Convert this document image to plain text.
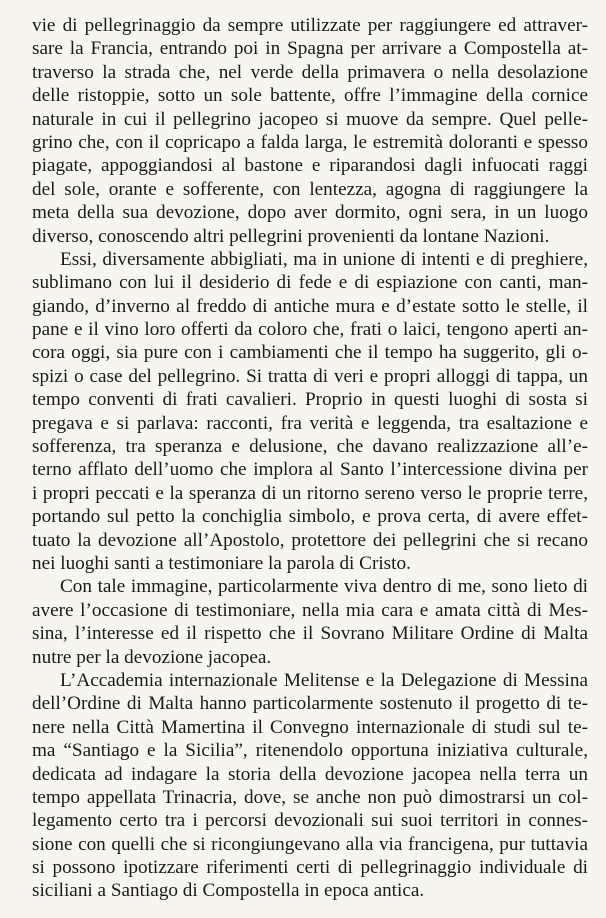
vie di pellegrinaggio da sempre utilizzate per raggiungere ed attraver-
sare la Francia, entrando poi in Spagna per arrivare a Compostella at-
traverso la strada che, nel verde della primavera o nella desolazione
delle ristoppie, sotto un sole battente, offre l’immagine della cornice
naturale in cui il pellegrino jacopeo si muove da sempre. Quel pelle-
grino che, con il copricapo a falda larga, le estremità doloranti e spesso
piagate, appoggiandosi al bastone e riparandosi dagli infuocati raggi
del sole, orante e sofferente, con lentezza, agogna di raggiungere la
meta della sua devozione, dopo aver dormito, ogni sera, in un luogo
diverso, conoscendo altri pellegrini provenienti da lontane Nazioni.
Essi, diversamente abbigliati, ma in unione di intenti e di preghiere,
sublimano con lui il desiderio di fede e di espiazione con canti, man-
giando, d’inverno al freddo di antiche mura e d’estate sotto le stelle, il
pane e il vino loro offerti da coloro che, frati o laici, tengono aperti an-
cora oggi, sia pure con i cambiamenti che il tempo ha suggerito, gli o-
spizi o case del pellegrino. Si tratta di veri e propri alloggi di tappa, un
tempo conventi di frati cavalieri. Proprio in questi luoghi di sosta si
pregava e si parlava: racconti, fra verità e leggenda, tra esaltazione e
sofferenza, tra speranza e delusione, che davano realizzazione all’e-
terno afflato dell’uomo che implora al Santo l’intercessione divina per
i propri peccati e la speranza di un ritorno sereno verso le proprie terre,
portando sul petto la conchiglia simbolo, e prova certa, di avere effet-
tuato la devozione all’Apostolo, protettore dei pellegrini che si recano
nei luoghi santi a testimoniare la parola di Cristo.
Con tale immagine, particolarmente viva dentro di me, sono lieto di
avere l’occasione di testimoniare, nella mia cara e amata città di Mes-
sina, l’interesse ed il rispetto che il Sovrano Militare Ordine di Malta
nutre per la devozione jacopea.
L’Accademia internazionale Melitense e la Delegazione di Messina
dell’Ordine di Malta hanno particolarmente sostenuto il progetto di te-
nere nella Città Mamertina il Convegno internazionale di studi sul te-
ma “Santiago e la Sicilia”, ritenendolo opportuna iniziativa culturale,
dedicata ad indagare la storia della devozione jacopea nella terra un
tempo appellata Trinacria, dove, se anche non può dimostrarsi un col-
legamento certo tra i percorsi devozionali sui suoi territori in connes-
sione con quelli che si ricongiungevano alla via francigena, pur tuttavia
si possono ipotizzare riferimenti certi di pellegrinaggio individuale di
siciliani a Santiago di Compostella in epoca antica.
